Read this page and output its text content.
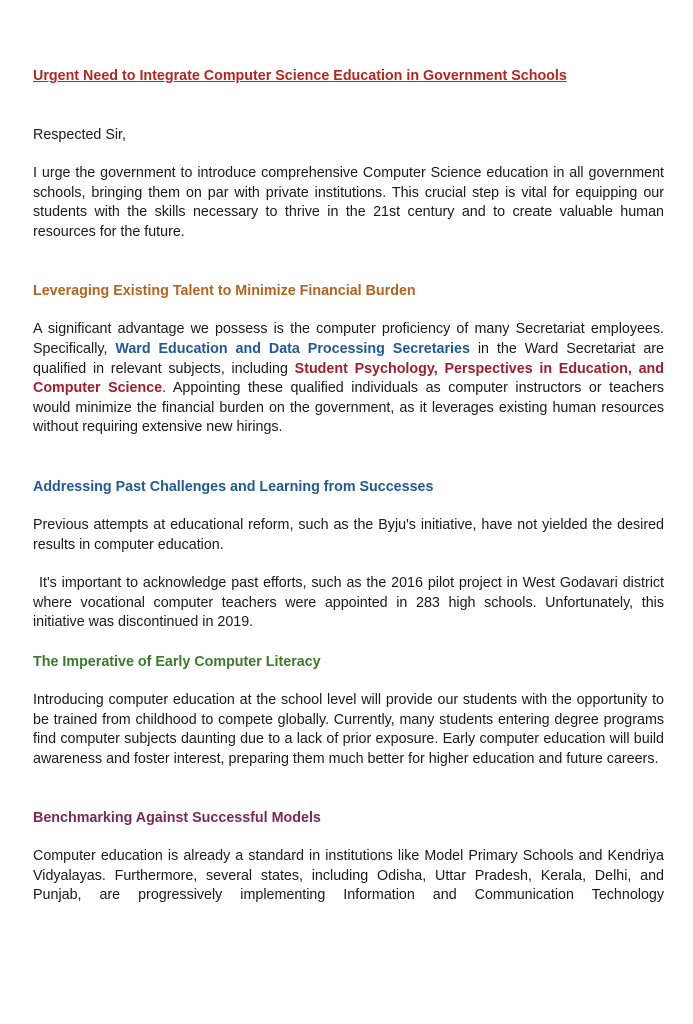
Urgent Need to Integrate Computer Science Education in Government Schools

Respected Sir,

I urge the government to introduce comprehensive Computer Science education in all government schools, bringing them on par with private institutions. This crucial step is vital for equipping our students with the skills necessary to thrive in the 21st century and to create valuable human resources for the future.

Leveraging Existing Talent to Minimize Financial Burden

A significant advantage we possess is the computer proficiency of many Secretariat employees. Specifically, Ward Education and Data Processing Secretaries in the Ward Secretariat are qualified in relevant subjects, including Student Psychology, Perspectives in Education, and Computer Science. Appointing these qualified individuals as computer instructors or teachers would minimize the financial burden on the government, as it leverages existing human resources without requiring extensive new hirings.

Addressing Past Challenges and Learning from Successes

Previous attempts at educational reform, such as the Byju's initiative, have not yielded the desired results in computer education.

It's important to acknowledge past efforts, such as the 2016 pilot project in West Godavari district where vocational computer teachers were appointed in 283 high schools. Unfortunately, this initiative was discontinued in 2019.

The Imperative of Early Computer Literacy

Introducing computer education at the school level will provide our students with the opportunity to be trained from childhood to compete globally. Currently, many students entering degree programs find computer subjects daunting due to a lack of prior exposure. Early computer education will build awareness and foster interest, preparing them much better for higher education and future careers.

Benchmarking Against Successful Models

Computer education is already a standard in institutions like Model Primary Schools and Kendriya Vidyalayas. Furthermore, several states, including Odisha, Uttar Pradesh, Kerala, Delhi, and Punjab, are progressively implementing Information and Communication Technology
